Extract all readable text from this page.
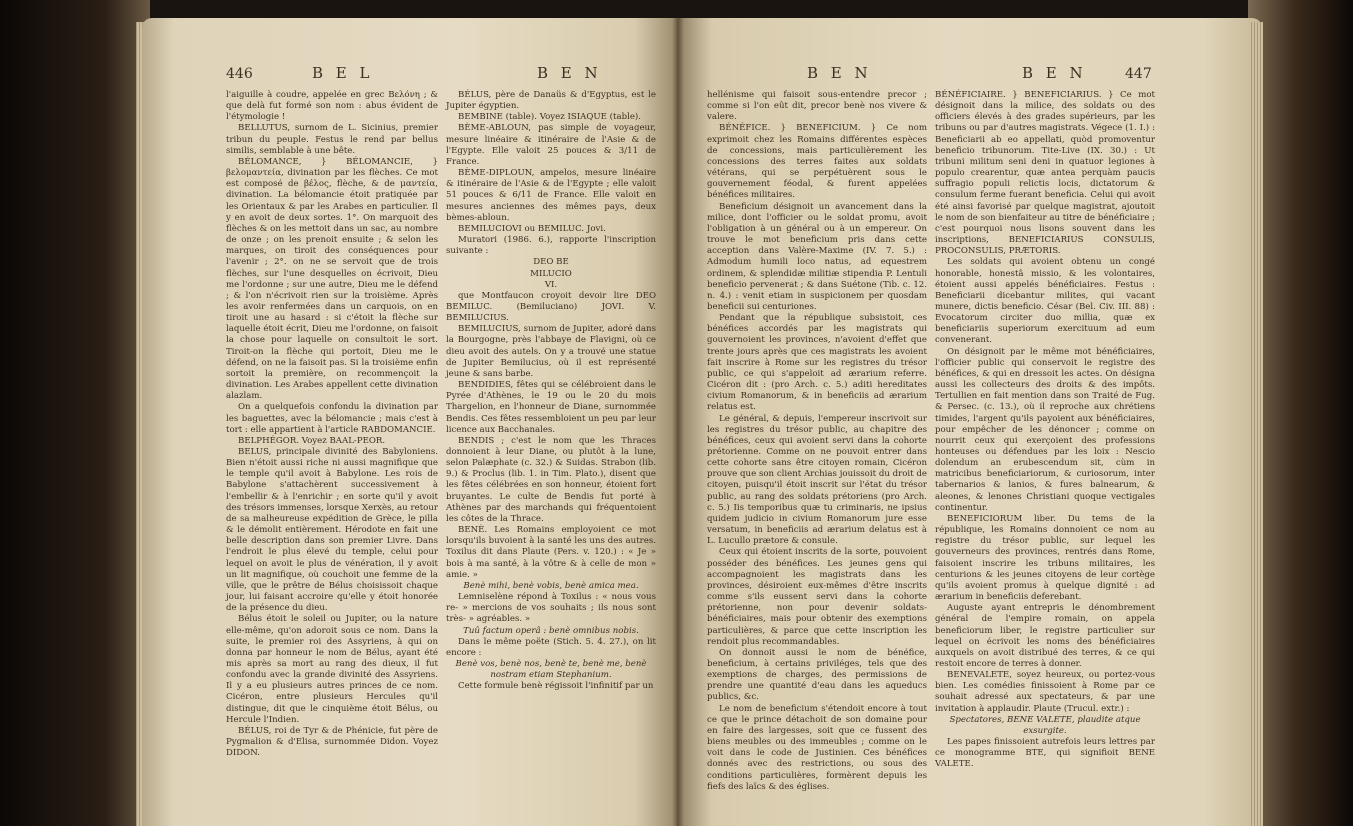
446	B E L	B E N

l'aiguille à coudre, appelée en grec Βελόνη ; & que delà fut formé son nom : abus évident de l'étymologie !

BELLUTUS, surnom de L. Sicinius, premier tribun du peuple. Festus le rend par bellus similis, semblable à une bête.

BÉLOMANCE, } BÉLOMANCIE, } βελομαντεία, divination par les flèches. Ce mot est composé de βέλος, flèche, & de μαντεία, divination. La bélomancie étoit pratiquée par les Orientaux & par les Arabes en particulier. Il y en avoit de deux sortes. 1°. On marquoit des flèches & on les mettoit dans un sac, au nombre de onze ; on les prenoit ensuite ; & selon les marques, on tiroit des conséquences pour l'avenir ; 2°. on ne se servoit que de trois flèches, sur l'une desquelles on écrivoit, Dieu me l'ordonne ; sur une autre, Dieu me le défend ; & l'on n'écrivoit rien sur la troisième. Après les avoir renfermées dans un carquois, on en tiroit une au hasard : si c'étoit la flèche sur laquelle étoit écrit, Dieu me l'ordonne, on faisoit la chose pour laquelle on consultoit le sort. Tiroit-on la flèche qui portoit, Dieu me le défend, on ne la faisoit pas. Si la troisième enfin sortoit la première, on recommençoit la divination. Les Arabes appellent cette divination alazlam.

On a quelquefois confondu la divination par les baguettes, avec la bélomancie ; mais c'est à tort : elle appartient à l'article RABDOMANCIE.

BELPHÉGOR. Voyez BAAL-PEOR.

BELUS, principale divinité des Babyloniens. Bien n'étoit aussi riche ni aussi magnifique que le temple qu'il avoit à Babylone. Les rois de Babylone s'attachèrent successivement à l'embellir & à l'enrichir ; en sorte qu'il y avoit des trésors immenses, lorsque Xerxès, au retour de sa malheureuse expédition de Grèce, le pilla & le démolit entièrement. Hérodote en fait une belle description dans son premier Livre. Dans l'endroit le plus élevé du temple, celui pour lequel on avoit le plus de vénération, il y avoit un lit magnifique, où couchoit une femme de la ville, que le prêtre de Bélus choisissoit chaque jour, lui faisant accroire qu'elle y étoit honorée de la présence du dieu.

Bélus étoit le soleil ou Jupiter, ou la nature elle-même, qu'on adoroit sous ce nom. Dans la suite, le premier roi des Assyriens, à qui on donna par honneur le nom de Bélus, ayant été mis après sa mort au rang des dieux, il fut confondu avec la grande divinité des Assyriens. Il y a eu plusieurs autres princes de ce nom. Cicéron, entre plusieurs Hercules qu'il distingue, dit que le cinquième étoit Bélus, ou Hercule l'Indien.

BÉLUS, roi de Tyr & de Phénicie, fut père de Pygmalion & d'Elisa, surnommée Didon. Voyez DIDON.

BÉLUS, père de Danaüs & d'Egyptus, est le Jupiter égyptien.

BEMBINE (table). Voyez ISIAQUE (table).

BÈME-ABLOUN, pas simple de voyageur, mesure linéaire & itinéraire de l'Asie & de l'Egypte. Elle valoit 25 pouces & 3/11 de France.

BÈME-DIPLOUN, ampelos, mesure linéaire & itinéraire de l'Asie & de l'Egypte ; elle valoit 51 pouces & 6/11 de France. Elle valoit en mesures anciennes des mêmes pays, deux bèmes-abloun.

BEMILUCIOVI ou BEMILUC. Jovi.

Muratori (1986. 6.), rapporte l'inscription suivante :

DEO BE

MILUCIO

VI.

que Montfaucon croyoit devoir lire DEO BEMILUC. (Bemiluciano) JOVI. V. BEMILUCIUS.

BEMILUCIUS, surnom de Jupiter, adoré dans la Bourgogne, près l'abbaye de Flavigni, où ce dieu avoit des autels. On y a trouvé une statue de Jupiter Bemilucius, où il est représenté jeune & sans barbe.

BENDIDIES, fêtes qui se célébroient dans le Pyrée d'Athènes, le 19 ou le 20 du mois Thargelion, en l'honneur de Diane, surnommée Bendis. Ces fêtes ressembloient un peu par leur licence aux Bacchanales.

BENDIS ; c'est le nom que les Thraces donnoient à leur Diane, ou plutôt à la lune, selon Palæphate (c. 32.) & Suidas. Strabon (lib. 9.) & Proclus (lib. 1. in Tim. Plato.), disent que les fêtes célébrées en son honneur, étoient fort bruyantes. Le culte de Bendis fut porté à Athènes par des marchands qui fréquentoient les côtes de la Thrace.

BENÈ. Les Romains employoient ce mot lorsqu'ils buvoient à la santé les uns des autres. Toxilus dit dans Plaute (Pers. v. 120.) : « Je » bois à ma santé, à la vôtre & à celle de mon » amie. »

Benè mihi, benè vobis, benè amica mea.

Lemniselène répond à Toxilus : « nous vous re- » mercions de vos souhaits ; ils nous sont très- » agréables. »

Tuû factum operâ : benè omnibus nobis.

Dans le même poëte (Stich. 5. 4. 27.), on lit encore :

Benè vos, benè nos, benè te, benè me, benè nostram etiam Stephanium.

Cette formule benè régissoit l'infinitif par un

B E N	B E N	447

hellénisme qui faisoit sous-entendre precor ; comme si l'on eût dit, precor benè nos vivere & valere.

BÉNÉFICE. } BENEFICIUM. } Ce nom exprimoit chez les Romains différentes espèces de concessions, mais particulièrement les concessions des terres faites aux soldats vétérans, qui se perpétuèrent sous le gouvernement féodal, & furent appelées bénéfices militaires.

Beneficium désignoit un avancement dans la milice, dont l'officier ou le soldat promu, avoit l'obligation à un général ou à un empereur. On trouve le mot beneficium pris dans cette acception dans Valère-Maxime (IV. 7. 5.) : Admodum humili loco natus, ad equestrem ordinem, & splendidæ militiæ stipendia P. Lentuli beneficio pervenerat ; & dans Suétone (Tib. c. 12. n. 4.) : venit etiam in suspicionem per quosdam beneficii sui centuriones.

Pendant que la république subsistoit, ces bénéfices accordés par les magistrats qui gouvernoient les provinces, n'avoient d'effet que trente jours après que ces magistrats les avoient fait inscrire à Rome sur les registres du trésor public, ce qui s'appeloit ad ærarium referre. Cicéron dit : (pro Arch. c. 5.) aditi hereditates civium Romanorum, & in beneficiis ad ærarium relatus est.

Le général, & depuis, l'empereur inscrivoit sur les registres du trésor public, au chapitre des bénéfices, ceux qui avoient servi dans la cohorte prétorienne. Comme on ne pouvoit entrer dans cette cohorte sans être citoyen romain, Cicéron prouve que son client Archias jouissoit du droit de citoyen, puisqu'il étoit inscrit sur l'état du trésor public, au rang des soldats prétoriens (pro Arch. c. 5.) Iis temporibus quæ tu criminaris, ne ipsius quidem judicio in civium Romanorum jure esse versatum, in beneficiis ad ærarium delatus est à L. Lucullo prætore & consule.

Ceux qui étoient inscrits de la sorte, pouvoient posséder des bénéfices. Les jeunes gens qui accompagnoient les magistrats dans les provinces, désiroient eux-mêmes d'être inscrits comme s'ils eussent servi dans la cohorte prétorienne, non pour devenir soldats-bénéficiaires, mais pour obtenir des exemptions particulières, & parce que cette inscription les rendoit plus recommandables.

On donnoit aussi le nom de bénéfice, beneficium, à certains priviléges, tels que des exemptions de charges, des permissions de prendre une quantité d'eau dans les aqueducs publics, &c.

Le nom de beneficium s'étendoit encore à tout ce que le prince détachoit de son domaine pour en faire des largesses, soit que ce fussent des biens meubles ou des immeubles ; comme on le voit dans le code de Justinien. Ces bénéfices donnés avec des restrictions, ou sous des conditions particulières, formèrent depuis les fiefs des laïcs & des églises.

BÉNÉFICIAIRE. } BENEFICIARIUS. } Ce mot désignoit dans la milice, des soldats ou des officiers élevés à des grades supérieurs, par les tribuns ou par d'autres magistrats. Végece (1. I.) : Beneficiarii ab eo appellati, quòd promoventur beneficio tribunorum. Tite-Live (IX. 30.) : Ut tribuni militum seni deni in quatuor legiones à populo crearentur, quæ antea perquàm paucis suffragio populi relictis locis, dictatorum & consulum ferme fuerant beneficia. Celui qui avoit été ainsi favorisé par quelque magistrat, ajoutoit le nom de son bienfaiteur au titre de bénéficiaire ; c'est pourquoi nous lisons souvent dans les inscriptions, BENEFICIARIUS CONSULIS, PROCONSULIS, PRÆTORIS.

Les soldats qui avoient obtenu un congé honorable, honestâ missio, & les volontaires, étoient aussi appelés bénéficiaires. Festus : Beneficiarii dicebantur milites, qui vacant munere, dictis beneficio. César (Bel. Civ. III. 88) : Evocatorum circiter duo millia, quæ ex beneficiariis superiorum exercituum ad eum convenerant.

On désignoit par le même mot bénéficiaires, l'officier public qui conservoit le registre des bénéfices, & qui en dressoit les actes. On désigna aussi les collecteurs des droits & des impôts. Tertullien en fait mention dans son Traité de Fug. & Persec. (c. 13.), où il reproche aux chrétiens timides, l'argent qu'ils payoient aux bénéficiaires, pour empêcher de les dénoncer ; comme on nourrit ceux qui exerçoient des professions honteuses ou défendues par les loix : Nescio dolendum an erubescendum sit, cùm in matricibus beneficiariorum, & curiosorum, inter tabernarios & lanios, & fures balnearum, & aleones, & lenones Christiani quoque vectigales continentur.

BENEFICIORUM liber. Du tems de la république, les Romains donnoient ce nom au registre du trésor public, sur lequel les gouverneurs des provinces, rentrés dans Rome, faisoient inscrire les tribuns militaires, les centurions & les jeunes citoyens de leur cortège qu'ils avoient promus à quelque dignité : ad ærarium in beneficiis deferebant.

Auguste ayant entrepris le dénombrement général de l'empire romain, on appela beneficiorum liber, le registre particulier sur lequel on écrivoit les noms des bénéficiaires auxquels on avoit distribué des terres, & ce qui restoit encore de terres à donner.

BENEVALETE, soyez heureux, ou portez-vous bien. Les comédies finissoient à Rome par ce souhait adressé aux spectateurs, & par une invitation à applaudir. Plaute (Trucul. extr.) :

Spectatores, BENE VALETE, plaudite atque exsurgite.

Les papes finissoient autrefois leurs lettres par ce monogramme BTE, qui signifioit BENE VALETE.
